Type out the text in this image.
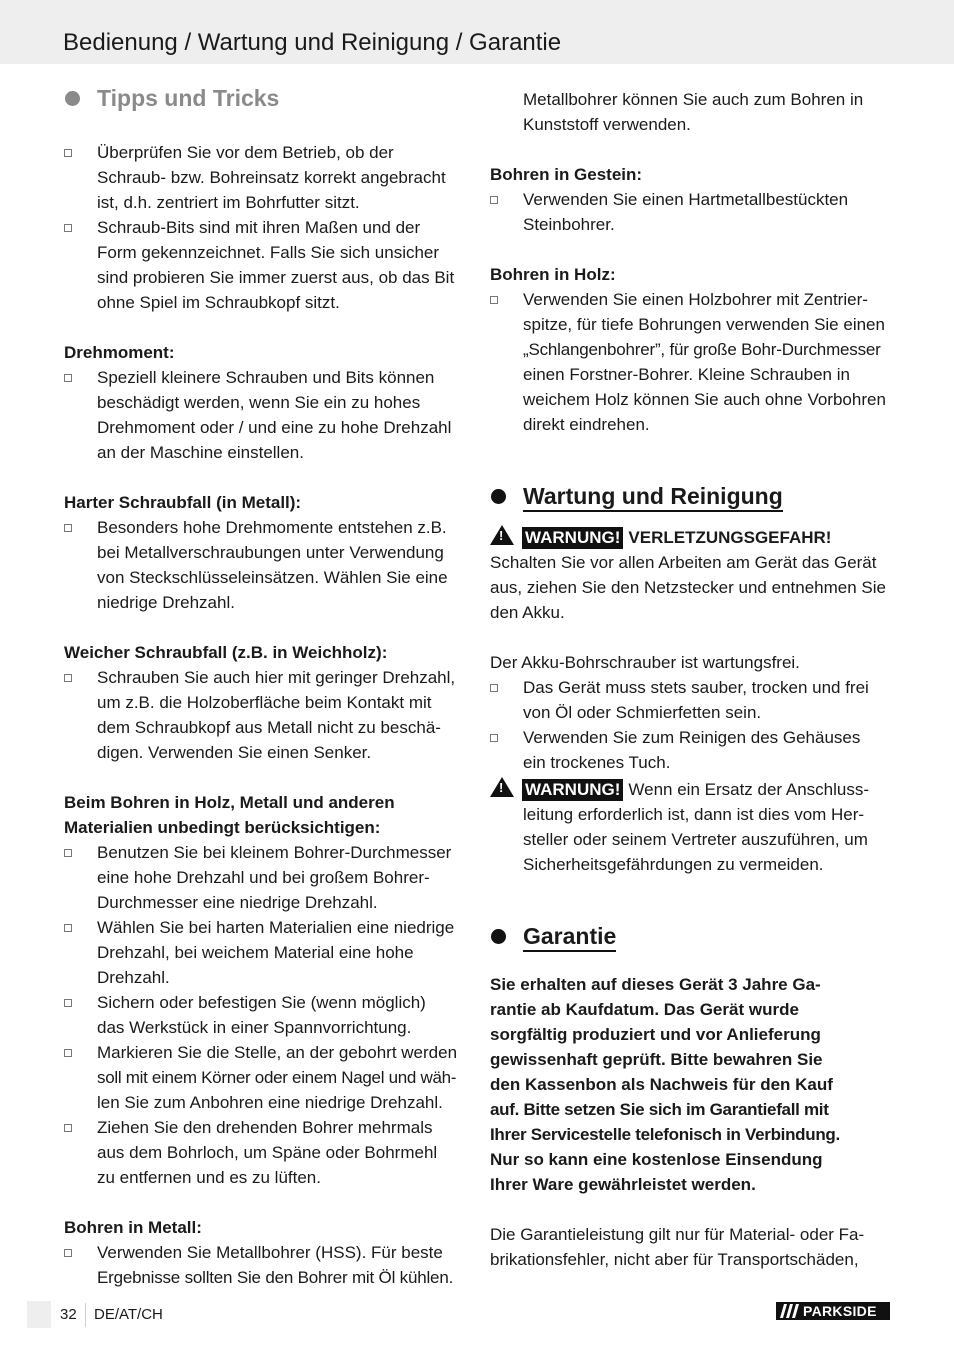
Bedienung / Wartung und Reinigung / Garantie
Tipps und Tricks
Überprüfen Sie vor dem Betrieb, ob der
Schraub- bzw. Bohreinsatz korrekt angebracht
ist, d.h. zentriert im Bohrfutter sitzt.
Schraub-Bits sind mit ihren Maßen und der
Form gekennzeichnet. Falls Sie sich unsicher
sind probieren Sie immer zuerst aus, ob das Bit
ohne Spiel im Schraubkopf sitzt.
Drehmoment:
Speziell kleinere Schrauben und Bits können
beschädigt werden, wenn Sie ein zu hohes
Drehmoment oder / und eine zu hohe Drehzahl
an der Maschine einstellen.
Harter Schraubfall (in Metall):
Besonders hohe Drehmomente entstehen z.B.
bei Metallverschraubungen unter Verwendung
von Steckschlüsseleinsätzen. Wählen Sie eine
niedrige Drehzahl.
Weicher Schraubfall (z.B. in Weichholz):
Schrauben Sie auch hier mit geringer Drehzahl,
um z.B. die Holzoberfläche beim Kontakt mit
dem Schraubkopf aus Metall nicht zu beschä-
digen. Verwenden Sie einen Senker.
Beim Bohren in Holz, Metall und anderen
Materialien unbedingt berücksichtigen:
Benutzen Sie bei kleinem Bohrer-Durchmesser
eine hohe Drehzahl und bei großem Bohrer-
Durchmesser eine niedrige Drehzahl.
Wählen Sie bei harten Materialien eine niedrige
Drehzahl, bei weichem Material eine hohe
Drehzahl.
Sichern oder befestigen Sie (wenn möglich)
das Werkstück in einer Spannvorrichtung.
Markieren Sie die Stelle, an der gebohrt werden
soll mit einem Körner oder einem Nagel und wäh-
len Sie zum Anbohren eine niedrige Drehzahl.
Ziehen Sie den drehenden Bohrer mehrmals
aus dem Bohrloch, um Späne oder Bohrmehl
zu entfernen und es zu lüften.
Bohren in Metall:
Verwenden Sie Metallbohrer (HSS). Für beste
Ergebnisse sollten Sie den Bohrer mit Öl kühlen.
Metallbohrer können Sie auch zum Bohren in
Kunststoff verwenden.
Bohren in Gestein:
Verwenden Sie einen Hartmetallbestückten
Steinbohrer.
Bohren in Holz:
Verwenden Sie einen Holzbohrer mit Zentrier-
spitze, für tiefe Bohrungen verwenden Sie einen
„Schlangenbohrer”, für große Bohr-Durchmesser
einen Forstner-Bohrer. Kleine Schrauben in
weichem Holz können Sie auch ohne Vorbohren
direkt eindrehen.
Wartung und Reinigung
!WARNUNG! VERLETZUNGSGEFAHR!
Schalten Sie vor allen Arbeiten am Gerät das Gerät
aus, ziehen Sie den Netzstecker und entnehmen Sie
den Akku.
Der Akku-Bohrschrauber ist wartungsfrei.
Das Gerät muss stets sauber, trocken und frei
von Öl oder Schmierfetten sein.
Verwenden Sie zum Reinigen des Gehäuses
ein trockenes Tuch.
!WARNUNG! Wenn ein Ersatz der Anschluss-
leitung erforderlich ist, dann ist dies vom Her-
steller oder seinem Vertreter auszuführen, um
Sicherheitsgefährdungen zu vermeiden.
Garantie
Sie erhalten auf dieses Gerät 3 Jahre Ga-
rantie ab Kaufdatum. Das Gerät wurde
sorgfältig produziert und vor Anlieferung
gewissenhaft geprüft. Bitte bewahren Sie
den Kassenbon als Nachweis für den Kauf
auf. Bitte setzen Sie sich im Garantiefall mit
Ihrer Servicestelle telefonisch in Verbindung.
Nur so kann eine kostenlose Einsendung
Ihrer Ware gewährleistet werden.
Die Garantieleistung gilt nur für Material- oder Fa-
brikationsfehler, nicht aber für Transportschäden,
32 DE/AT/CH	PARKSIDE
